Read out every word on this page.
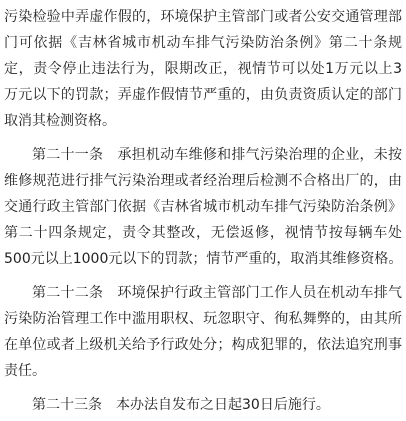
污染检验中弄虚作假的，环境保护主管部门或者公安交通管理部
门可依据《吉林省城市机动车排气污染防治条例》第二十条规
定，责令停止违法行为，限期改正，视情节可以处1万元以上3
万元以下的罚款；弄虚作假情节严重的，由负责资质认定的部门
取消其检测资格。
第二十一条　承担机动车维修和排气污染治理的企业，未按
维修规范进行排气污染治理或者经治理后检测不合格出厂的，由
交通行政主管部门依据《吉林省城市机动车排气污染防治条例》
第二十四条规定，责令其整改，无偿返修，视情节按每辆车处
500元以上1000元以下的罚款；情节严重的，取消其维修资格。
第二十二条　环境保护行政主管部门工作人员在机动车排气
污染防治管理工作中滥用职权、玩忽职守、徇私舞弊的，由其所
在单位或者上级机关给予行政处分；构成犯罪的，依法追究刑事
责任。
第二十三条　本办法自发布之日起30日后施行。
